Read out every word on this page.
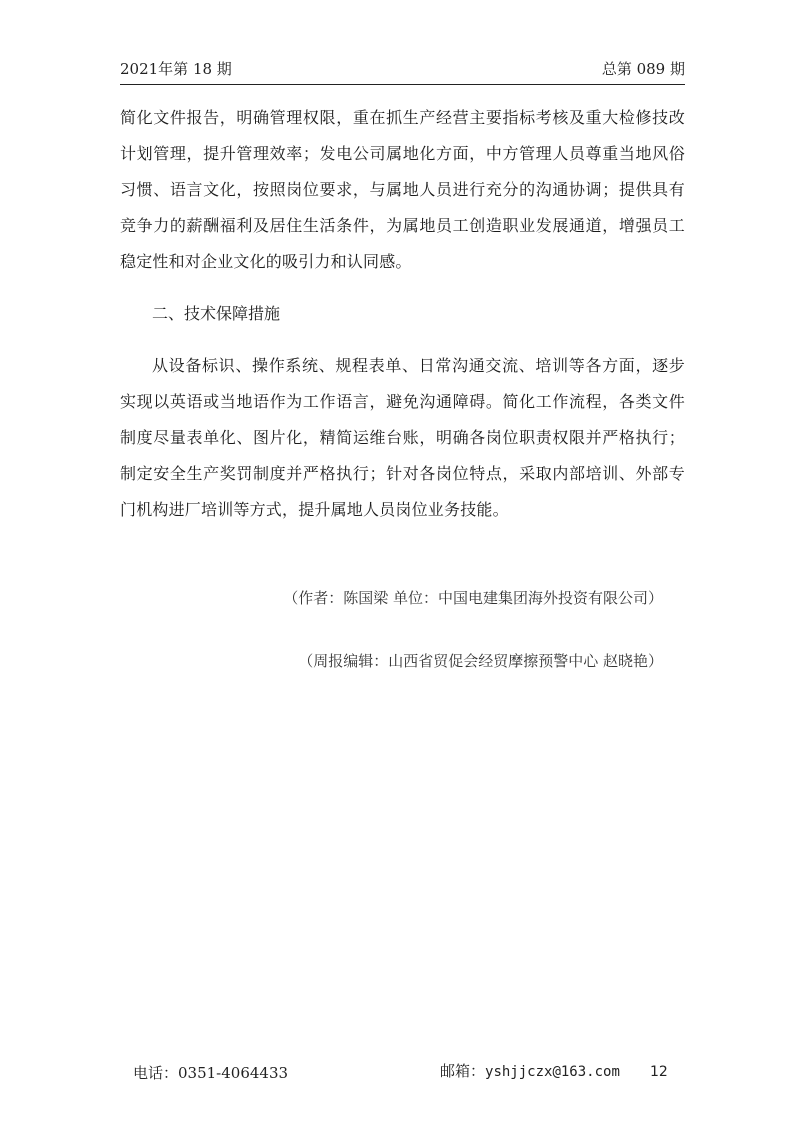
2021年第 18 期	总第 089 期

简化文件报告，明确管理权限，重在抓生产经营主要指标考核及重大检修技改计划管理，提升管理效率；发电公司属地化方面，中方管理人员尊重当地风俗习惯、语言文化，按照岗位要求，与属地人员进行充分的沟通协调；提供具有竞争力的薪酬福利及居住生活条件，为属地员工创造职业发展通道，增强员工稳定性和对企业文化的吸引力和认同感。

二、技术保障措施

从设备标识、操作系统、规程表单、日常沟通交流、培训等各方面，逐步实现以英语或当地语作为工作语言，避免沟通障碍。简化工作流程，各类文件制度尽量表单化、图片化，精简运维台账，明确各岗位职责权限并严格执行；制定安全生产奖罚制度并严格执行；针对各岗位特点，采取内部培训、外部专门机构进厂培训等方式，提升属地人员岗位业务技能。

（作者：陈国梁 单位：中国电建集团海外投资有限公司）
（周报编辑：山西省贸促会经贸摩擦预警中心 赵晓艳）
电话：0351-4064433	邮箱：yshjjczx@163.com 12
